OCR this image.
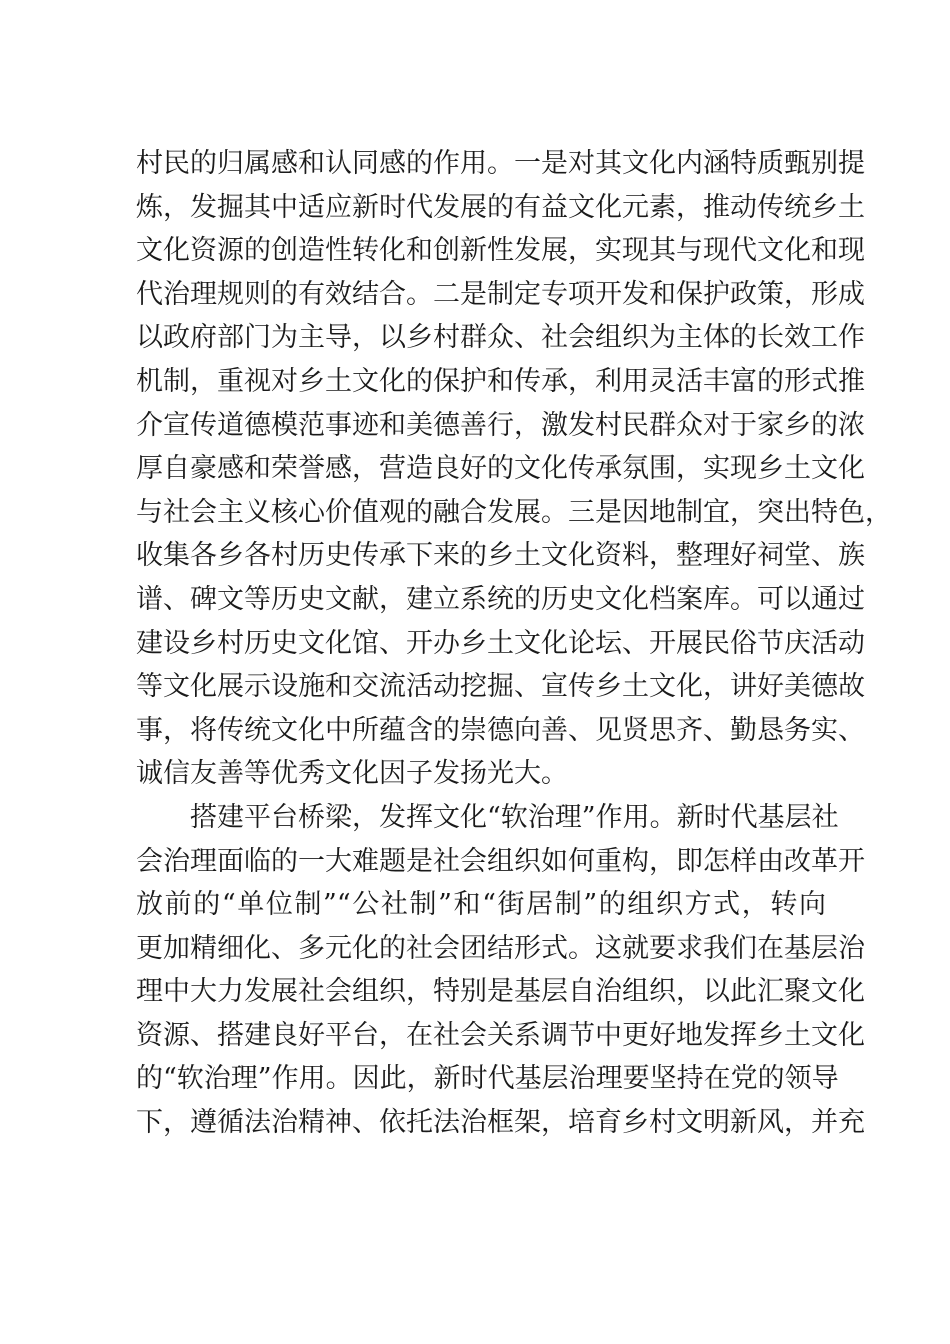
村民的归属感和认同感的作用。一是对其文化内涵特质甄别提
炼，发掘其中适应新时代发展的有益文化元素，推动传统乡土
文化资源的创造性转化和创新性发展，实现其与现代文化和现
代治理规则的有效结合。二是制定专项开发和保护政策，形成
以政府部门为主导，以乡村群众、社会组织为主体的长效工作
机制，重视对乡土文化的保护和传承，利用灵活丰富的形式推
介宣传道德模范事迹和美德善行，激发村民群众对于家乡的浓
厚自豪感和荣誉感，营造良好的文化传承氛围，实现乡土文化
与社会主义核心价值观的融合发展。三是因地制宜，突出特色，
收集各乡各村历史传承下来的乡土文化资料，整理好祠堂、族
谱、碑文等历史文献，建立系统的历史文化档案库。可以通过
建设乡村历史文化馆、开办乡土文化论坛、开展民俗节庆活动
等文化展示设施和交流活动挖掘、宣传乡土文化，讲好美德故
事，将传统文化中所蕴含的崇德向善、见贤思齐、勤恳务实、
诚信友善等优秀文化因子发扬光大。
搭建平台桥梁，发挥文化“软治理”作用。新时代基层社
会治理面临的一大难题是社会组织如何重构，即怎样由改革开
放前的“单位制”“公社制”和“街居制”的组织方式，转向
更加精细化、多元化的社会团结形式。这就要求我们在基层治
理中大力发展社会组织，特别是基层自治组织，以此汇聚文化
资源、搭建良好平台，在社会关系调节中更好地发挥乡土文化
的“软治理”作用。因此，新时代基层治理要坚持在党的领导
下，遵循法治精神、依托法治框架，培育乡村文明新风，并充
